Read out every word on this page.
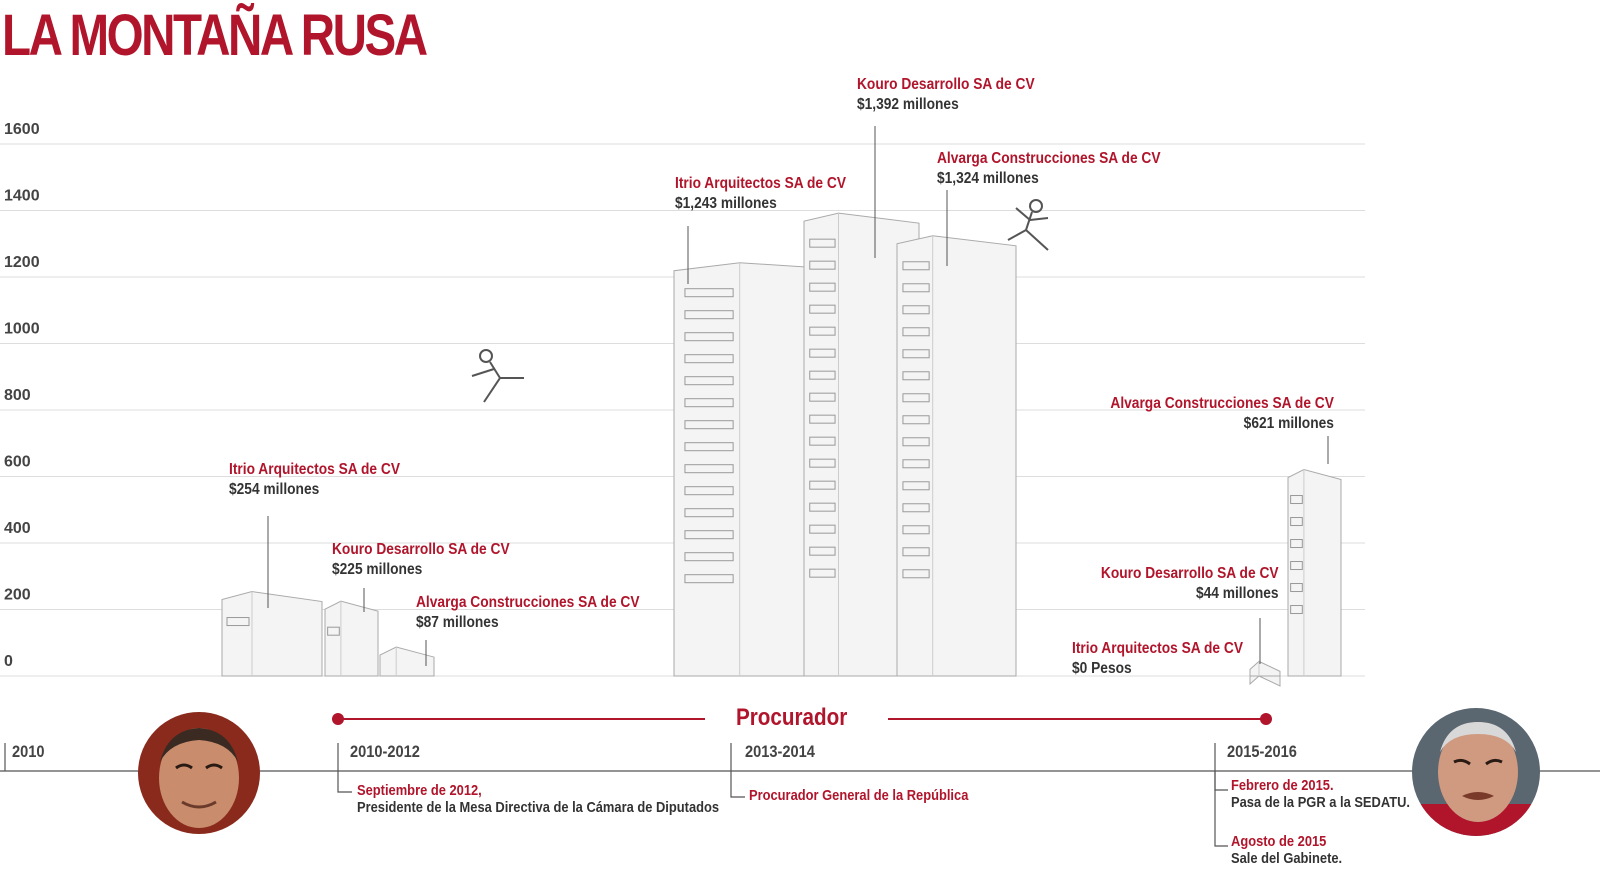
LA MONTAÑA RUSA
0
200
400
600
800
1000
1200
1400
1600
Itrio Arquitectos SA de CV
$254 millones
Kouro Desarrollo SA de CV
$225 millones
Alvarga Construcciones SA de CV
$87 millones
Itrio Arquitectos SA de CV
$1,243 millones
Kouro Desarrollo SA de CV
$1,392 millones
Alvarga Construcciones SA de CV
$1,324 millones
Alvarga Construcciones SA de CV
$621 millones
Kouro Desarrollo SA de CV
$44 millones
Itrio Arquitectos SA de CV
$0 Pesos
Procurador
2010	2010-2012	2013-2014	2015-2016
Septiembre de 2012,
Presidente de la Mesa Directiva de la Cámara de Diputados
Procurador General de la República
Febrero de 2015.
Pasa de la PGR a la SEDATU.
Agosto de 2015
Sale del Gabinete.
